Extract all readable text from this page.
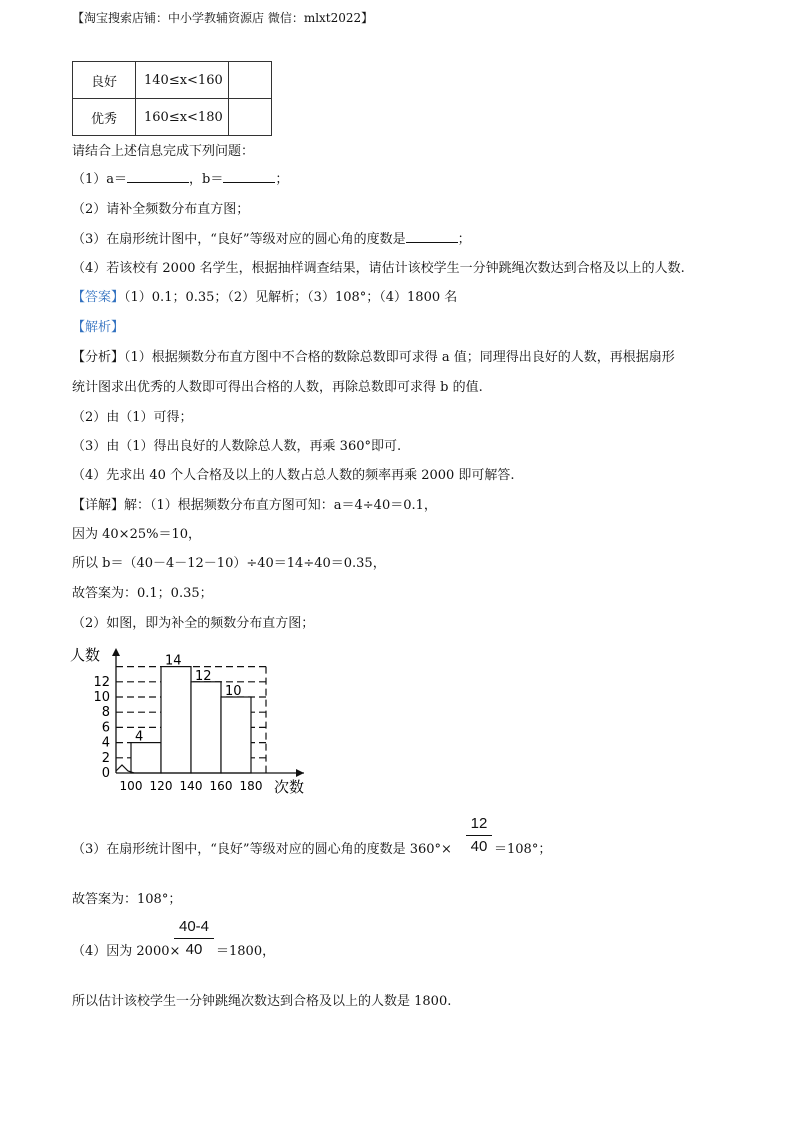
【淘宝搜索店铺：中小学教辅资源店 微信：mlxt2022】
良好	140≤x<160	
优秀	160≤x<180	
请结合上述信息完成下列问题：
（1）a＝	，b＝	；
（2）请补全频数分布直方图；
（3）在扇形统计图中，“良好”等级对应的圆心角的度数是	；
（4）若该校有 2000 名学生，根据抽样调查结果，请估计该校学生一分钟跳绳次数达到合格及以上的人数.
【答案】（1）0.1；0.35；（2）见解析；（3）108°；（4）1800 名
【解析】
【分析】（1）根据频数分布直方图中不合格的数除总数即可求得 a 值；同理得出良好的人数，再根据扇形
统计图求出优秀的人数即可得出合格的人数，再除总数即可求得 b 的值.
（2）由（1）可得；
（3）由（1）得出良好的人数除总人数，再乘 360°即可.
（4）先求出 40 个人合格及以上的人数占总人数的频率再乘 2000 即可解答.
【详解】解：（1）根据频数分布直方图可知：a＝4÷40＝0.1，
因为 40×25%＝10，
所以 b＝（40－4－12－10）÷40＝14÷40＝0.35，
故答案为：0.1；0.35；
（2）如图，即为补全的频数分布直方图；
人数
次数
4
14
12
10
0
2
4
6
8
10
12
100 120 140 160 180
（3）在扇形统计图中，“良好”等级对应的圆心角的度数是 $360^\circ\times \frac{12}{40} =108^\circ$；
故答案为：108°；
（4）因为 2000×
$\frac{40-4}{40} =1800$，
所以估计该校学生一分钟跳绳次数达到合格及以上的人数是 1800.
